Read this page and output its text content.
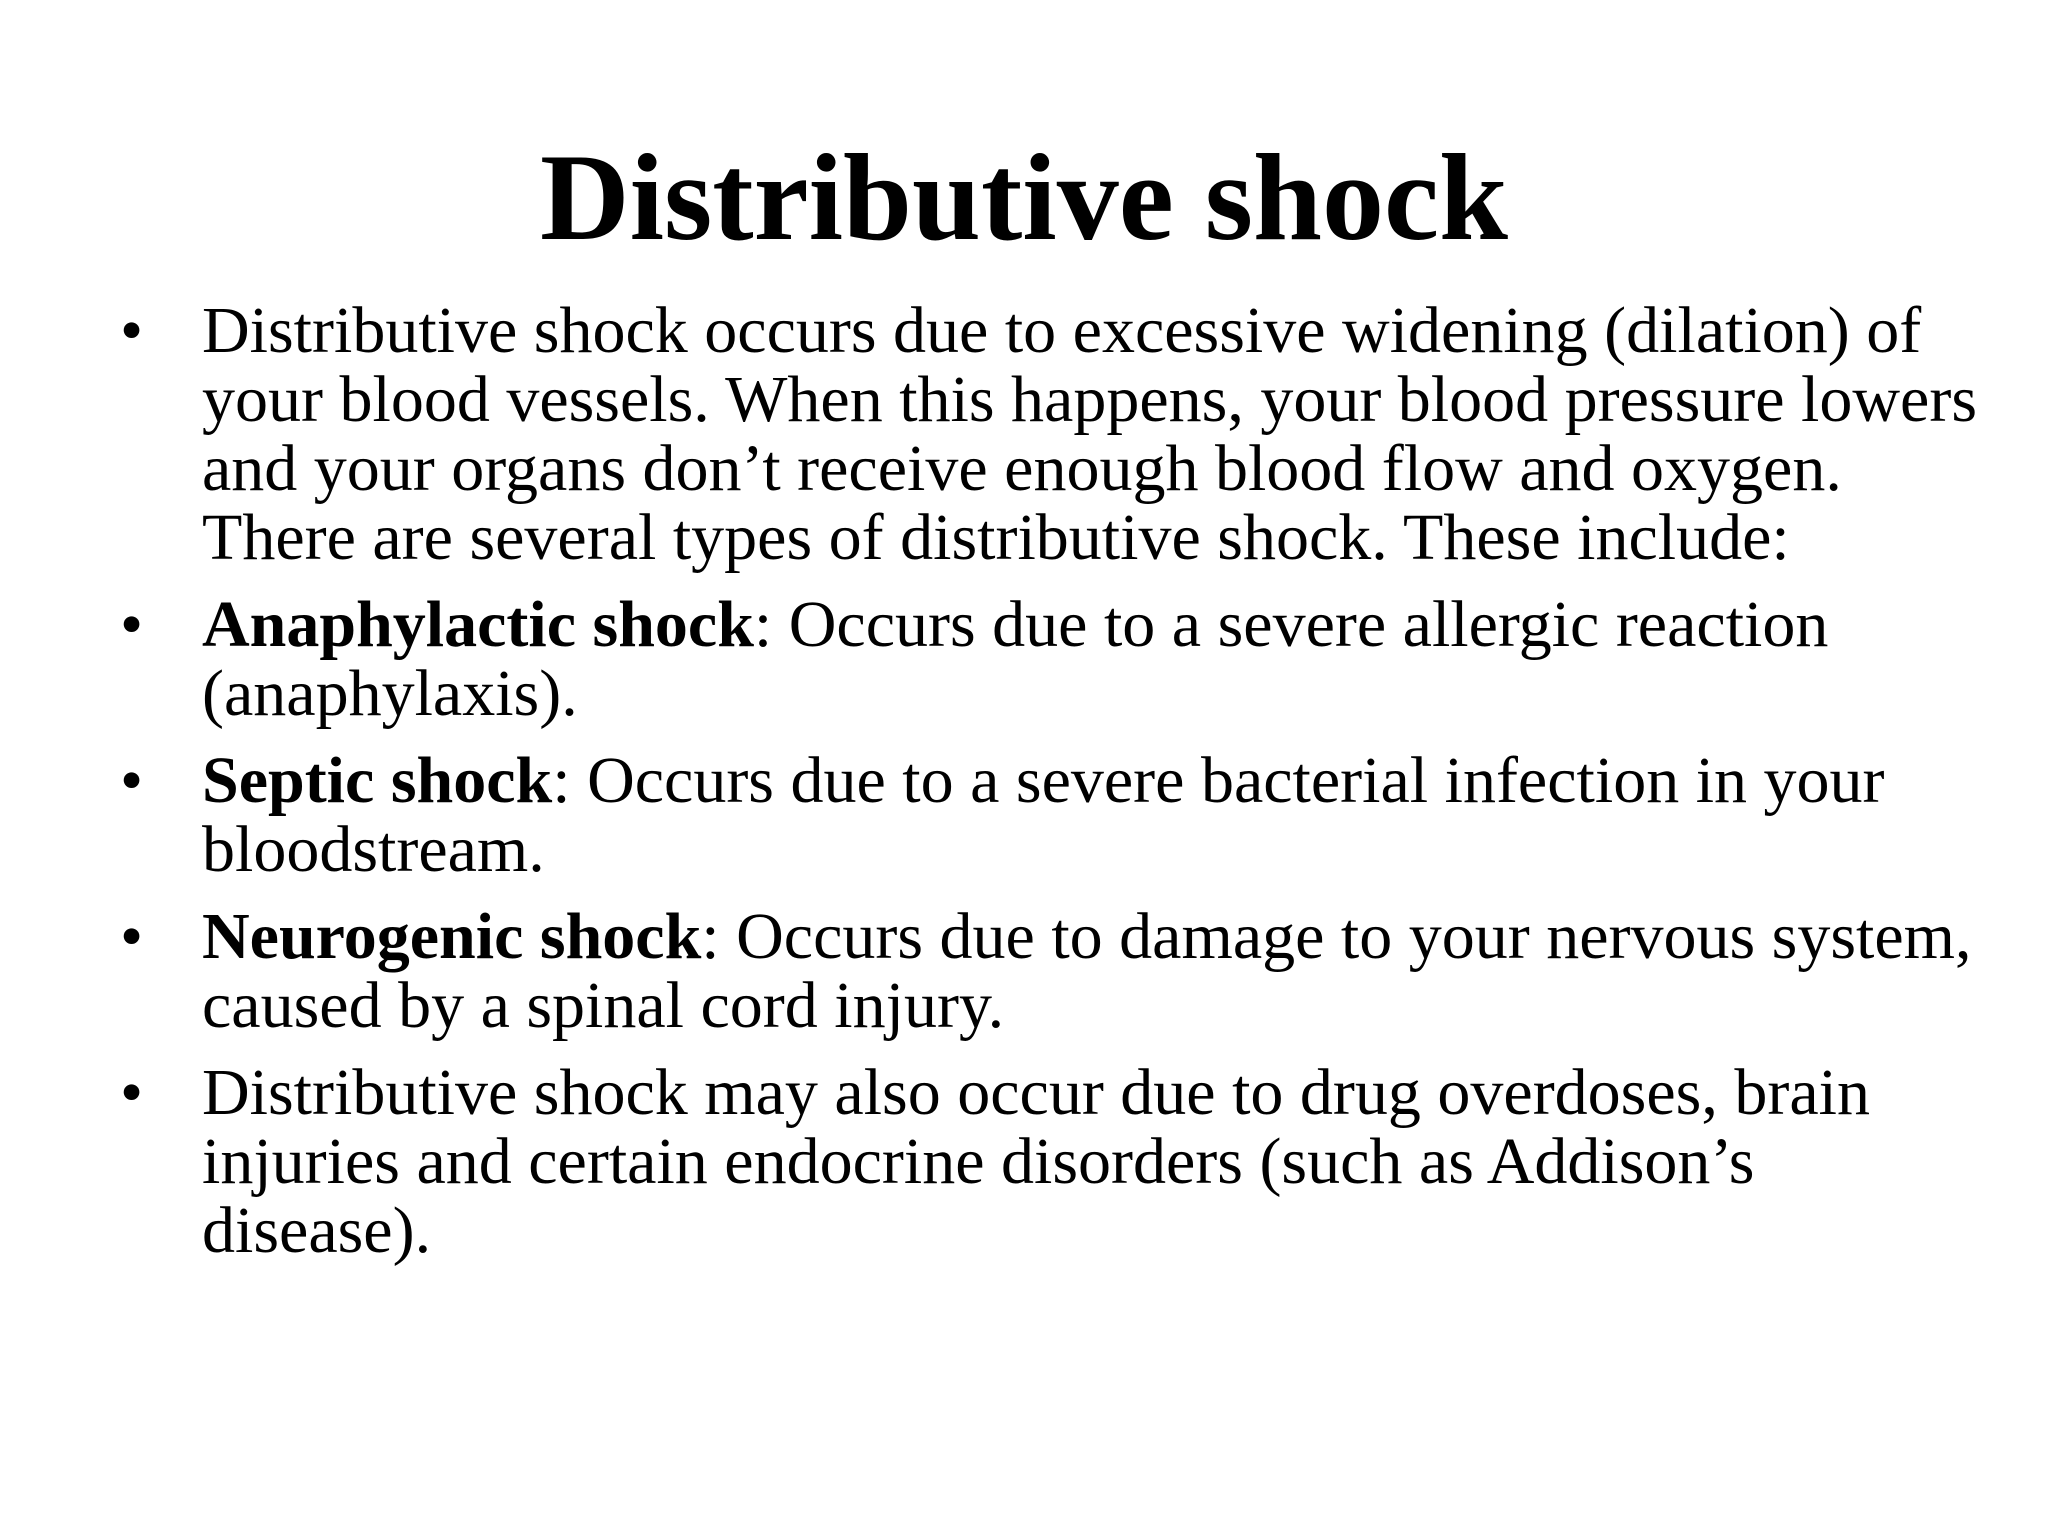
Distributive shock
• Distributive shock occurs due to excessive widening (dilation) of your blood vessels. When this happens, your blood pressure lowers and your organs don’t receive enough blood flow and oxygen. There are several types of distributive shock. These include:
• Anaphylactic shock: Occurs due to a severe allergic reaction (anaphylaxis).
• Septic shock: Occurs due to a severe bacterial infection in your bloodstream.
• Neurogenic shock: Occurs due to damage to your nervous system, caused by a spinal cord injury.
• Distributive shock may also occur due to drug overdoses, brain injuries and certain endocrine disorders (such as Addison’s disease).
